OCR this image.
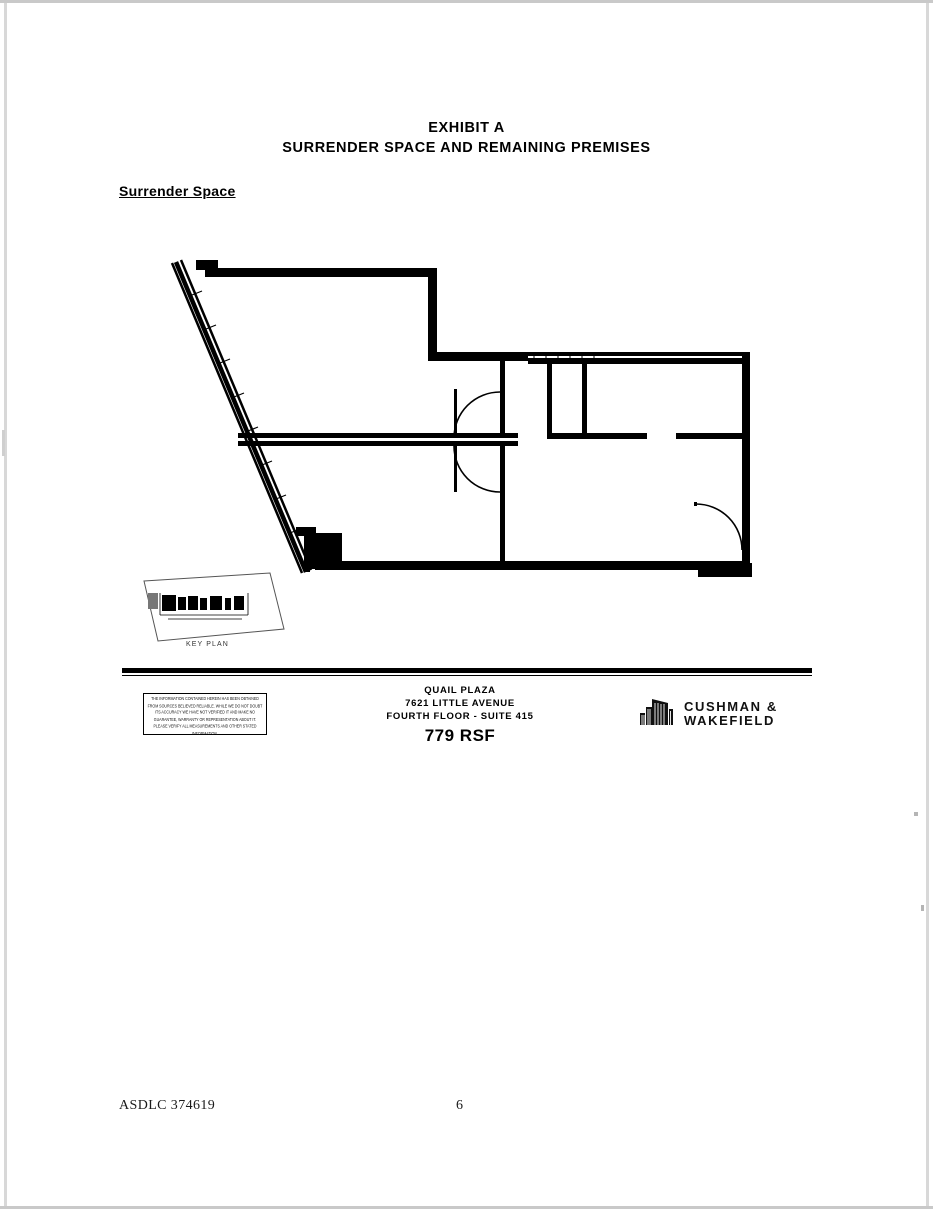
EXHIBIT A
SURRENDER SPACE AND REMAINING PREMISES
Surrender Space
KEY PLAN

THE INFORMATION CONTAINED HEREIN HAS BEEN OBTAINED FROM SOURCES BELIEVED RELIABLE. WHILE WE DO NOT DOUBT ITS ACCURACY WE HAVE NOT VERIFIED IT AND MAKE NO GUARANTEE, WARRANTY OR REPRESENTATION ABOUT IT. PLEASE VERIFY ALL MEASUREMENTS AND OTHER STATED INFORMATION.

QUAIL PLAZA
7621 LITTLE AVENUE
FOURTH FLOOR - SUITE 415
779 RSF
CUSHMAN &
WAKEFIELD
ASDLC 374619	6
